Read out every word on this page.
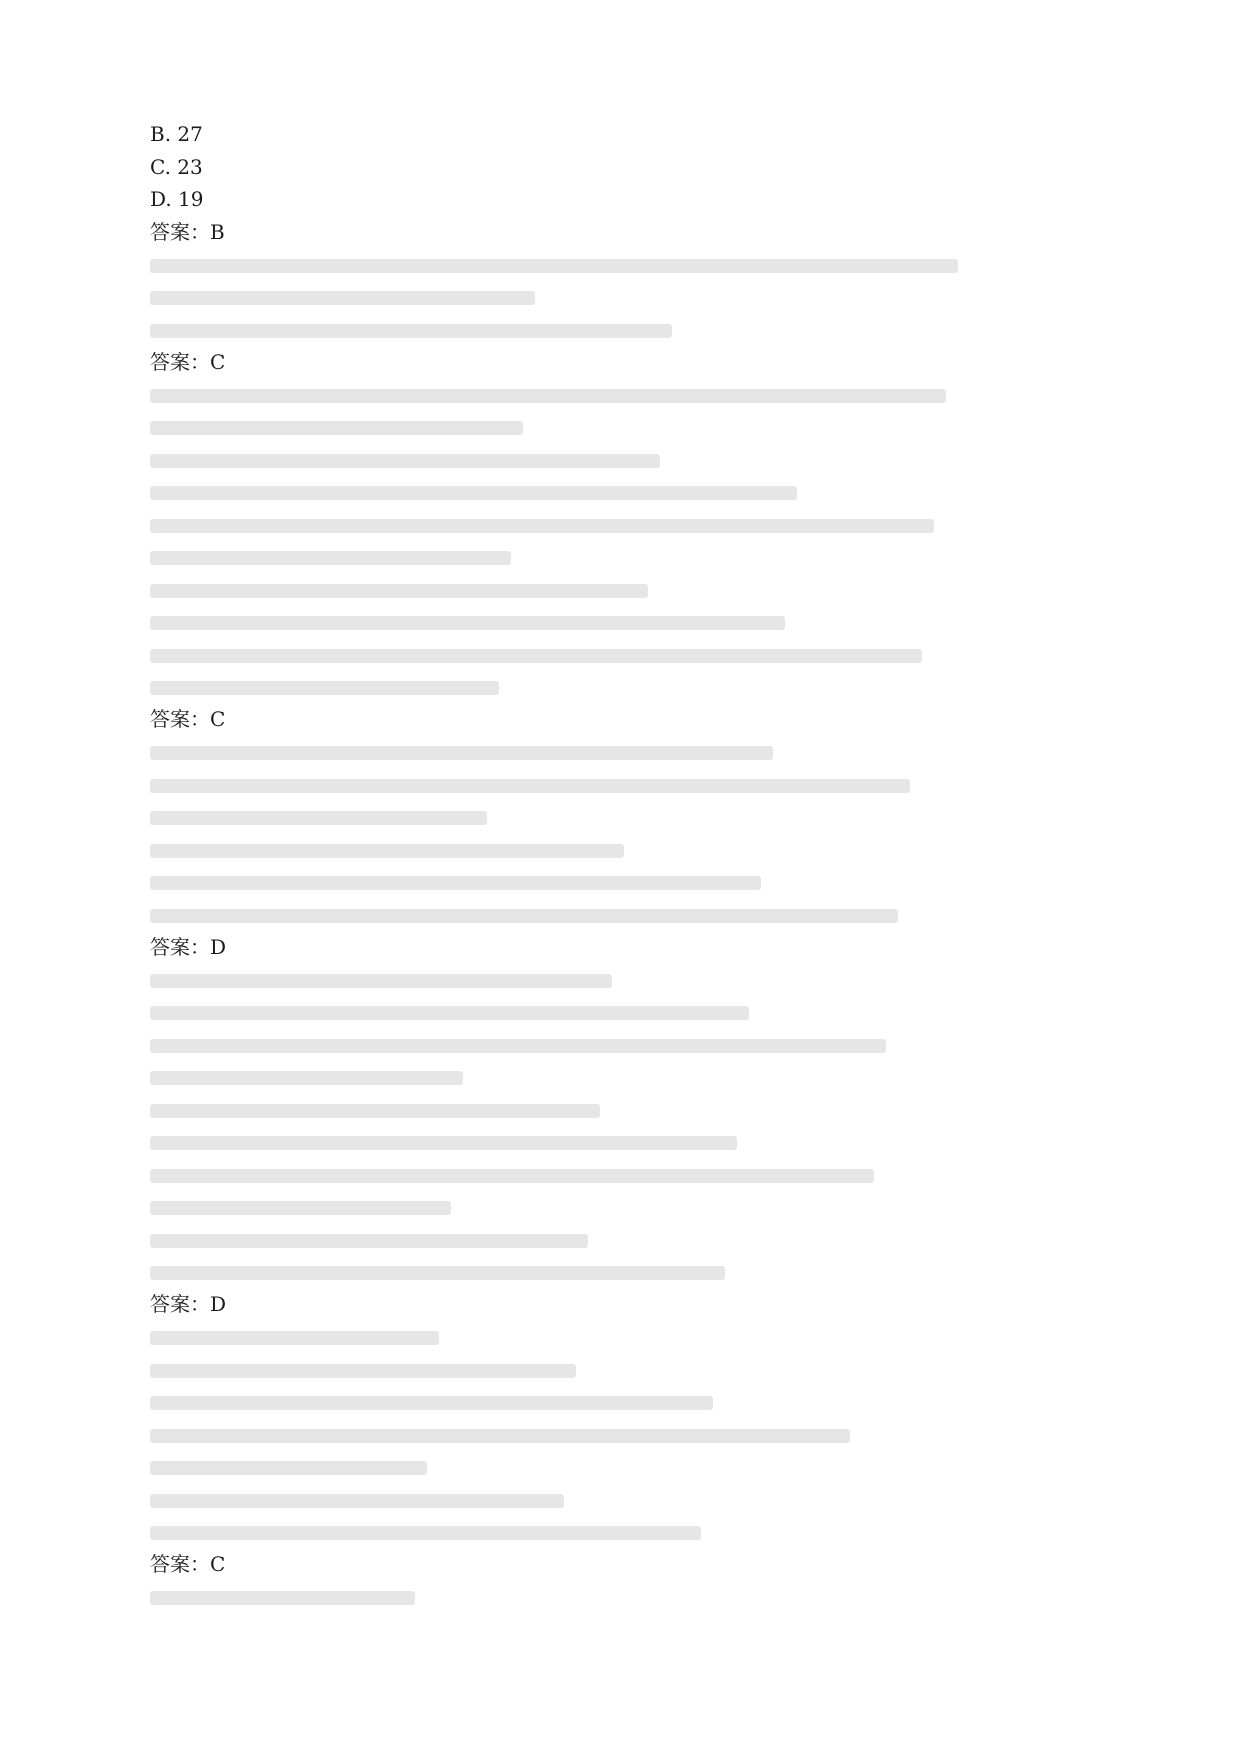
B. 27
C. 23
D. 19
答案：B
答案：C
答案：C
答案：D
答案：D
答案：C
